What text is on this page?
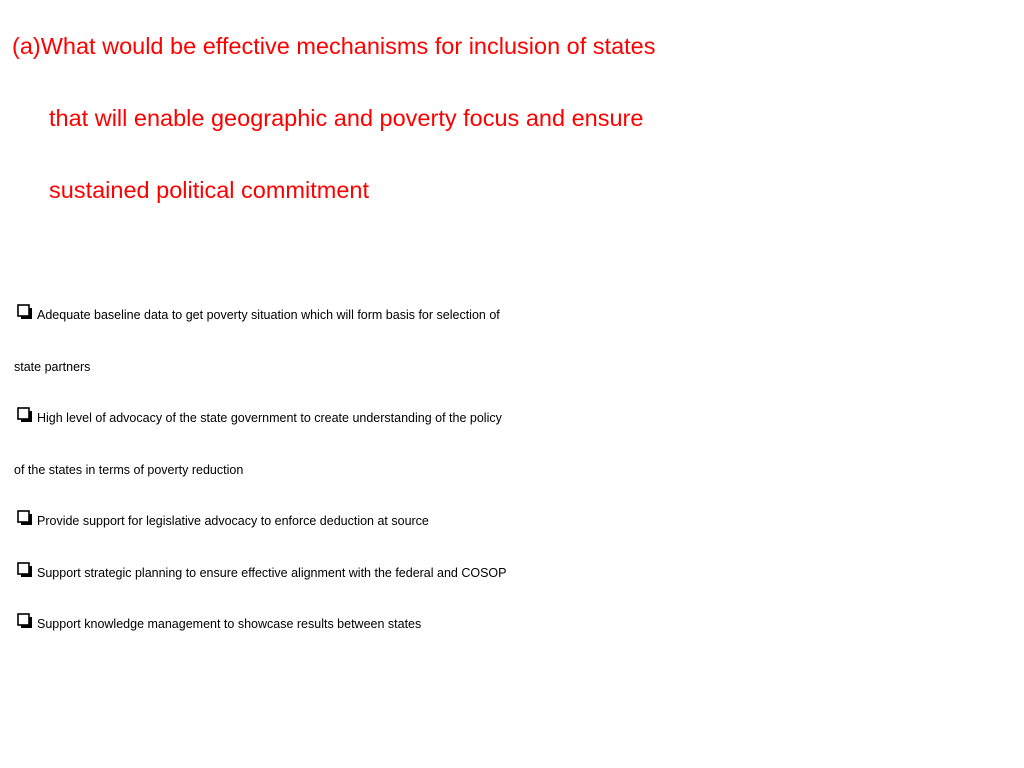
(a)What would be effective mechanisms for inclusion of states
that will enable geographic and poverty focus and ensure
sustained political commitment
Adequate baseline data to get poverty situation which will form basis for selection of
state partners
High level of advocacy of the state government to create understanding of the policy
of the states in terms of poverty reduction
Provide support for legislative advocacy to enforce deduction at source
Support strategic planning to ensure effective alignment with the federal and COSOP
Support knowledge management to showcase results between states
